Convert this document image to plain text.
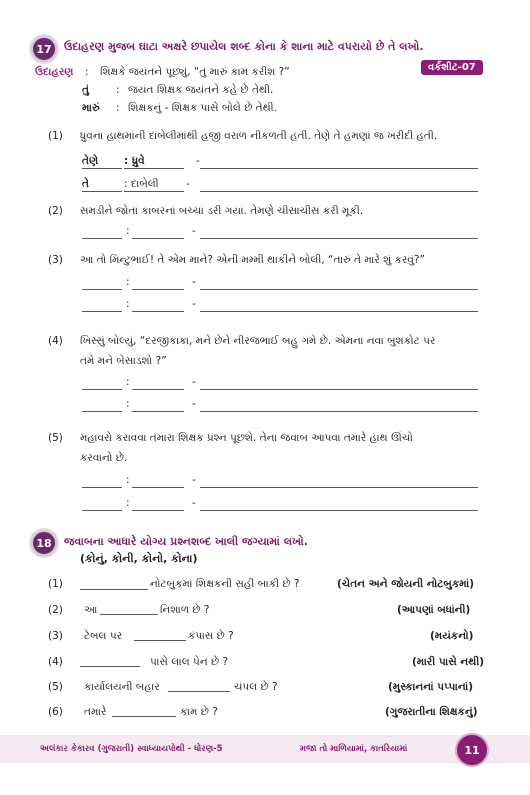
17 ઉદાહરણ મુજબ ઘાટા અક્ષરે છપાયેલ શબ્દ કોના કે શાના માટે વપરાયો છે તે લખો.
વર્કશીટ-07
ઉદાહરણ : શિક્ષકે જયંતને પૂછ્યું, “તું મારું કામ કરીશ ?”
તું	: જયંત શિક્ષક જયંતને કહે છે તેથી.
મારું : શિક્ષકનું - શિક્ષક પાસે બોલે છે તેથી.
(1) ધ્રુવના હાથમાંની દાબેલીમાંથી હજી વરાળ નીકળતી હતી. તેણે તે હમણાં જ ખરીદી હતી.
તેણે : ધ્રુવે	-
તે	: દાબેલી	-
(2) સમડીને જોતાં કાબરનાં બચ્ચાં ડરી ગયાં. તેમણે ચીસાચીસ કરી મૂકી.
:	-
(3) આ તો મિન્ટુભાઈ! તે એમ માને? એની મમ્મી થાકીને બોલી, “તારું તે મારે શું કરવું?”
:	-
:	-
(4) ખિસ્સું બોલ્યું, “દરજીકાકા, મને છેને નીરજભાઈ બહુ ગમે છે. એમના નવા બુશકોટ પર
તમે મને બેસાડશો ?”
:	-
:	-
(5) મહાવરો કરાવવા તમારા શિક્ષક પ્રશ્ન પૂછશે. તેના જવાબ આપવા તમારે હાથ ઊંચો
કરવાનો છે.
:	-
:	-
18 જવાબના આધારે યોગ્ય પ્રશ્નશબ્દ ખાલી જગ્યામાં લખો.
(કોનું, કોની, કોનો, કોના)
(1)	નોટબુકમાં શિક્ષકની સહી બાકી છે ?	(ચેતન અને જોયની નોટબુકમાં)
(2) આ	નિશાળ છે ?	(આપણાં બધાંની)
(3) ટેબલ પર	કંપાસ છે ?	(મયંકનો)
(4)	પાસે લાલ પેન છે ?	(મારી પાસે નથી)
(5) કાર્યાલયની બહાર	ચંપલ છે ?	(મુસ્કાનનાં પપ્પાનાં)
(6) તમારે	કામ છે ?	(ગુજરાતીના શિક્ષકનું)
અલંકાર કેકારવ (ગુજરાતી) સ્વાધ્યાયપોથી - ધોરણ-5	મજા તો માળિયામાં, કાતરિયામાં	11
